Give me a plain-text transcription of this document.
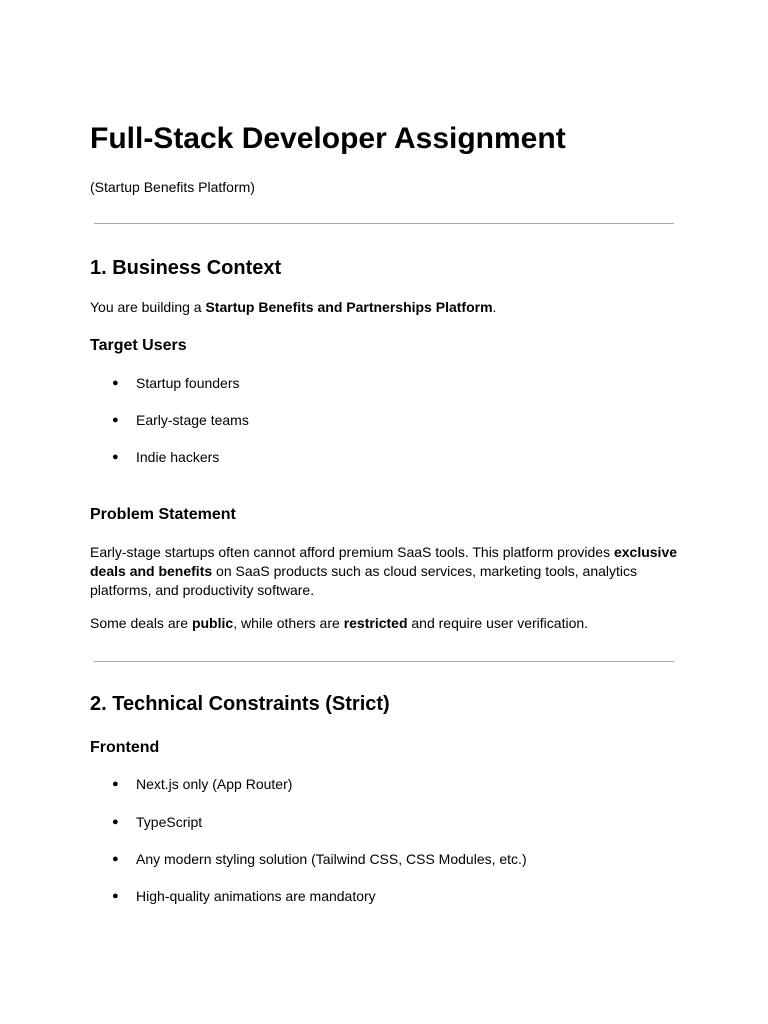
Full-Stack Developer Assignment

(Startup Benefits Platform)

1. Business Context

You are building a Startup Benefits and Partnerships Platform.

Target Users
●	Startup founders
●	Early-stage teams
●	Indie hackers
Problem Statement
Early-stage startups often cannot afford premium SaaS tools. This platform provides exclusive
deals and benefits on SaaS products such as cloud services, marketing tools, analytics
platforms, and productivity software.

Some deals are public, while others are restricted and require user verification.

2. Technical Constraints (Strict)
Frontend
●	Next.js only (App Router)
●	TypeScript
●	Any modern styling solution (Tailwind CSS, CSS Modules, etc.)
●	High-quality animations are mandatory
